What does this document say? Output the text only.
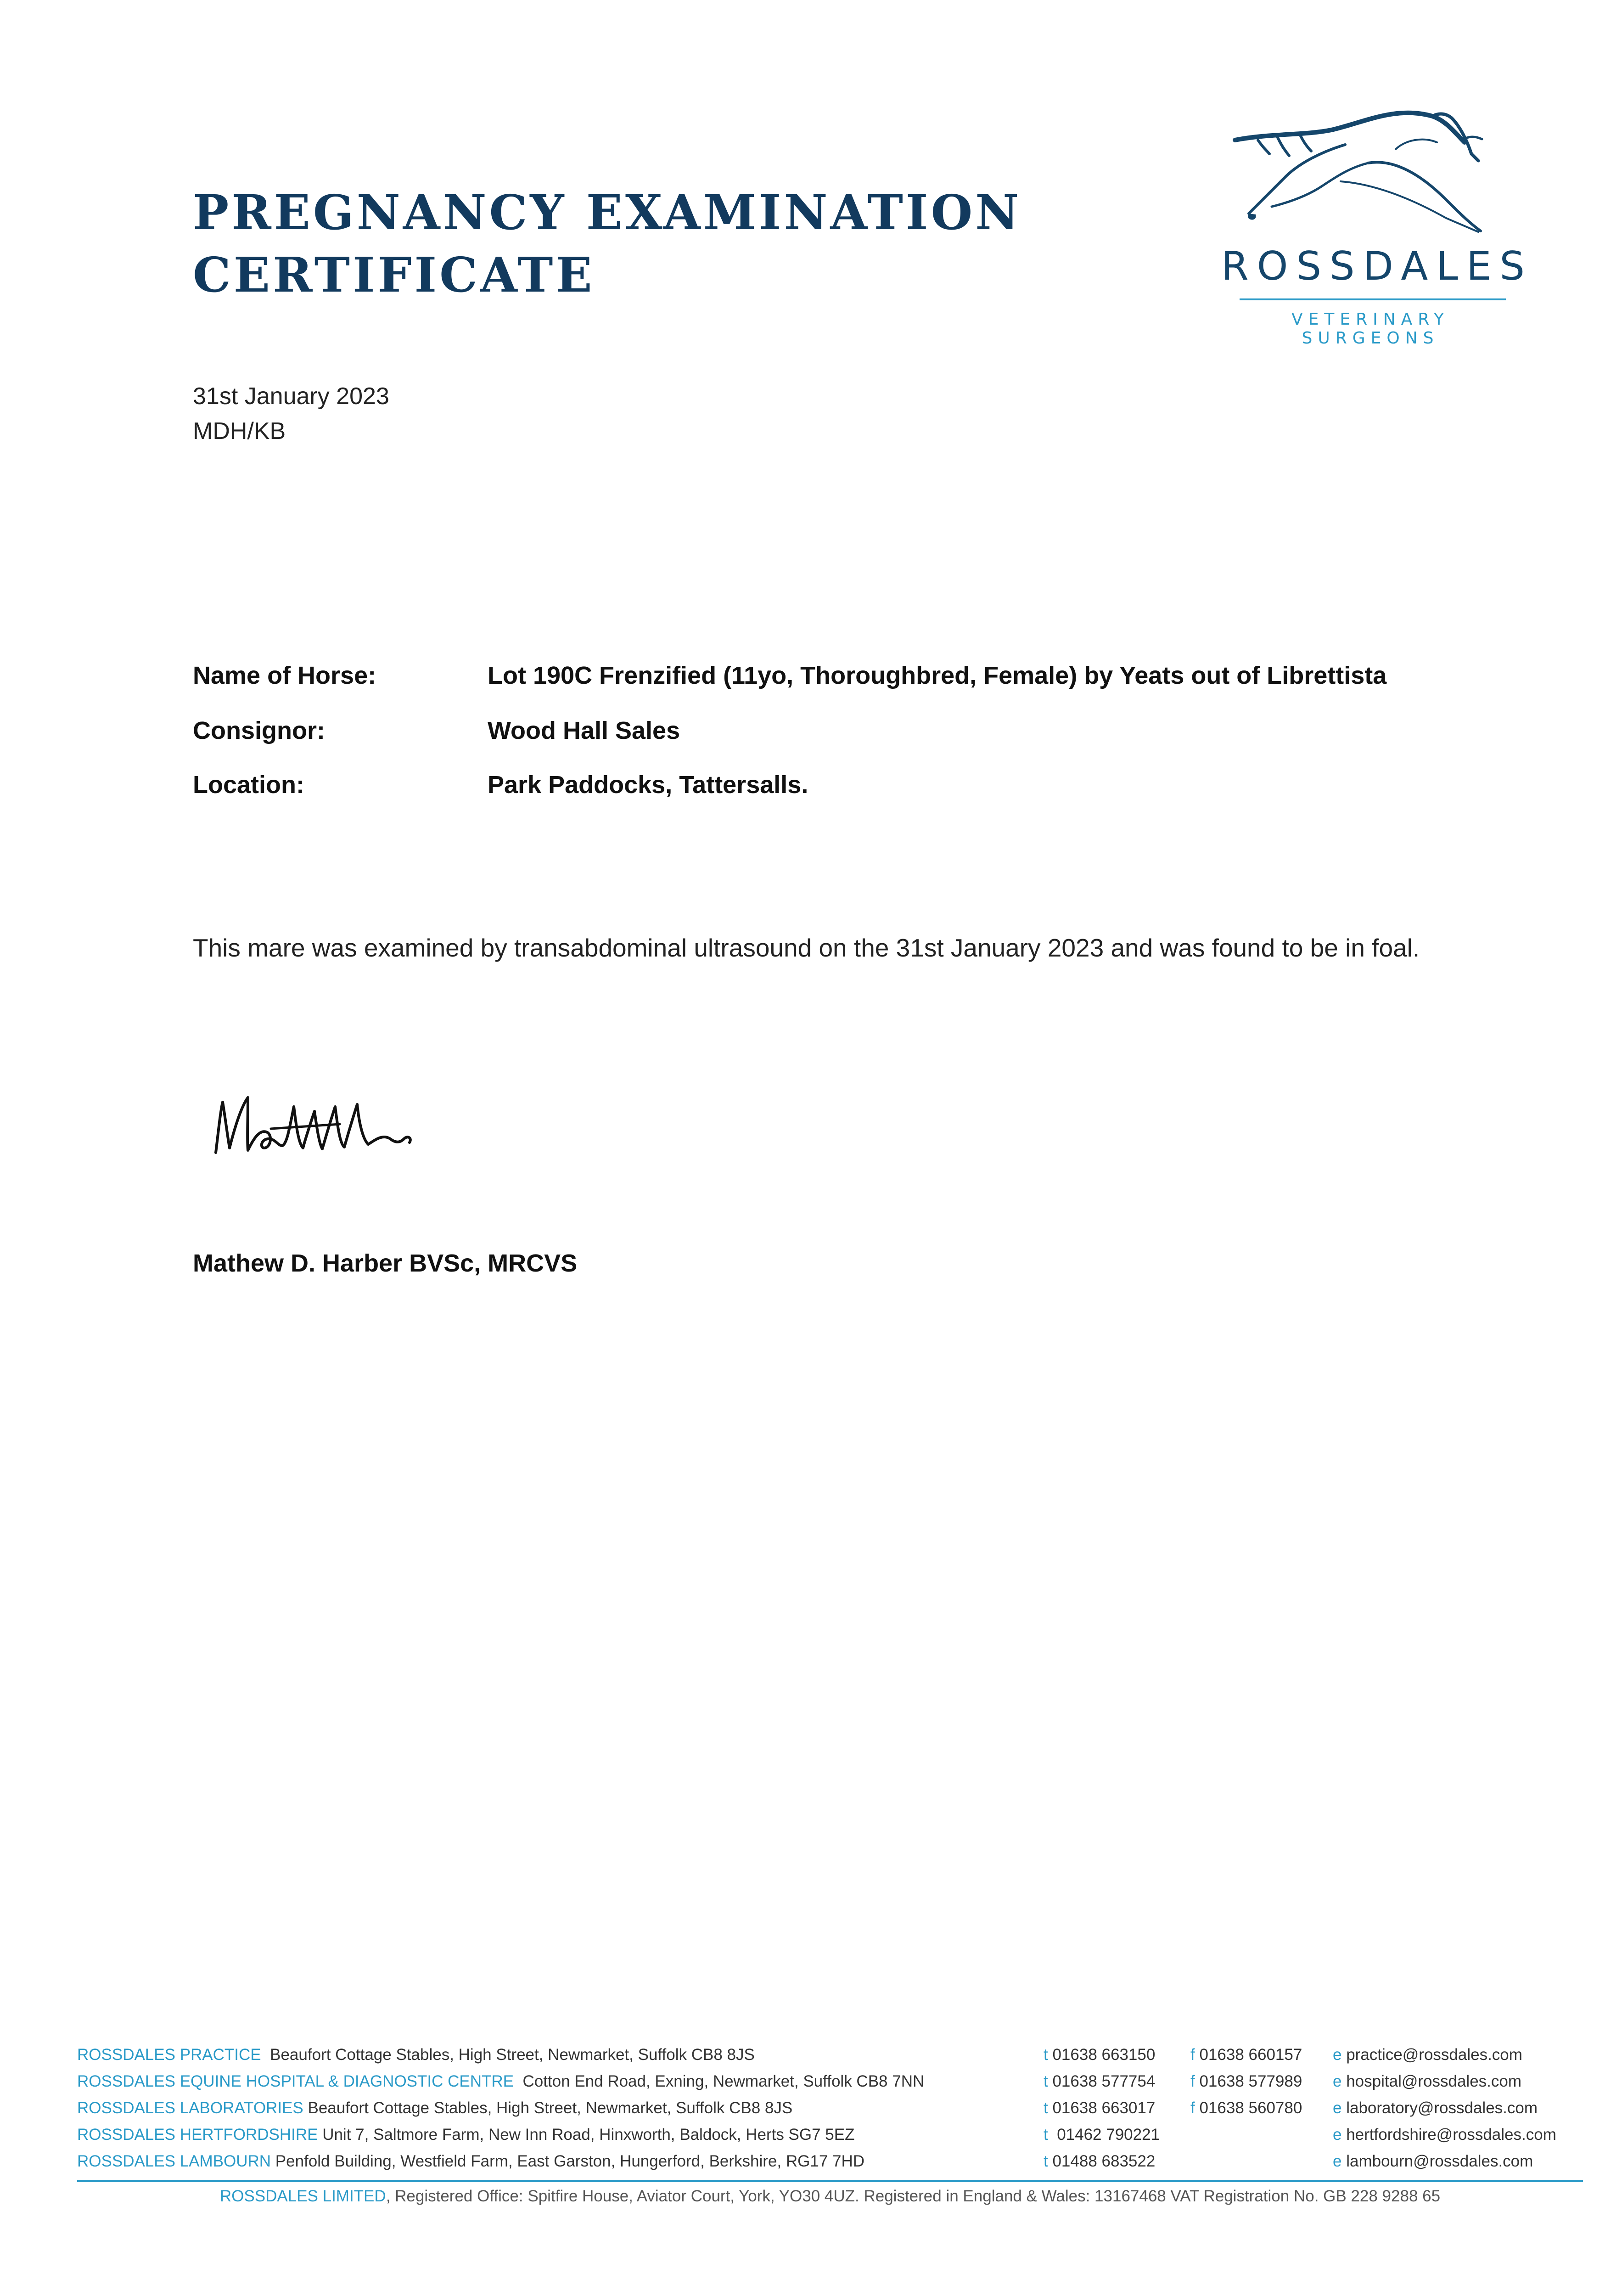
PREGNANCY EXAMINATION
CERTIFICATE	ROSSDALES
VETERINARY SURGEONS
31st January 2023
MDH/KB
Name of Horse:	Lot 190C Frenzified (11yo, Thoroughbred, Female) by Yeats out of Librettista
Consignor:	Wood Hall Sales
Location:	Park Paddocks, Tattersalls.
This mare was examined by transabdominal ultrasound on the 31st January 2023 and was found to be in foal.
Mathew D. Harber BVSc, MRCVS
ROSSDALES PRACTICE Beaufort Cottage Stables, High Street, Newmarket, Suffolk CB8 8JS	t 01638 663150 f 01638 660157 e practice@rossdales.com
ROSSDALES EQUINE HOSPITAL & DIAGNOSTIC CENTRE Cotton End Road, Exning, Newmarket, Suffolk CB8 7NN	t 01638 577754 f 01638 577989 e hospital@rossdales.com
ROSSDALES LABORATORIES Beaufort Cottage Stables, High Street, Newmarket, Suffolk CB8 8JS	t 01638 663017 f 01638 560780 e laboratory@rossdales.com
ROSSDALES HERTFORDSHIRE Unit 7, Saltmore Farm, New Inn Road, Hinxworth, Baldock, Herts SG7 5EZ	t 01462 790221	e hertfordshire@rossdales.com
ROSSDALES LAMBOURN Penfold Building, Westfield Farm, East Garston, Hungerford, Berkshire, RG17 7HD	t 01488 683522	e lambourn@rossdales.com
ROSSDALES LIMITED, Registered Office: Spitfire House, Aviator Court, York, YO30 4UZ. Registered in England & Wales: 13167468 VAT Registration No. GB 228 9288 65
